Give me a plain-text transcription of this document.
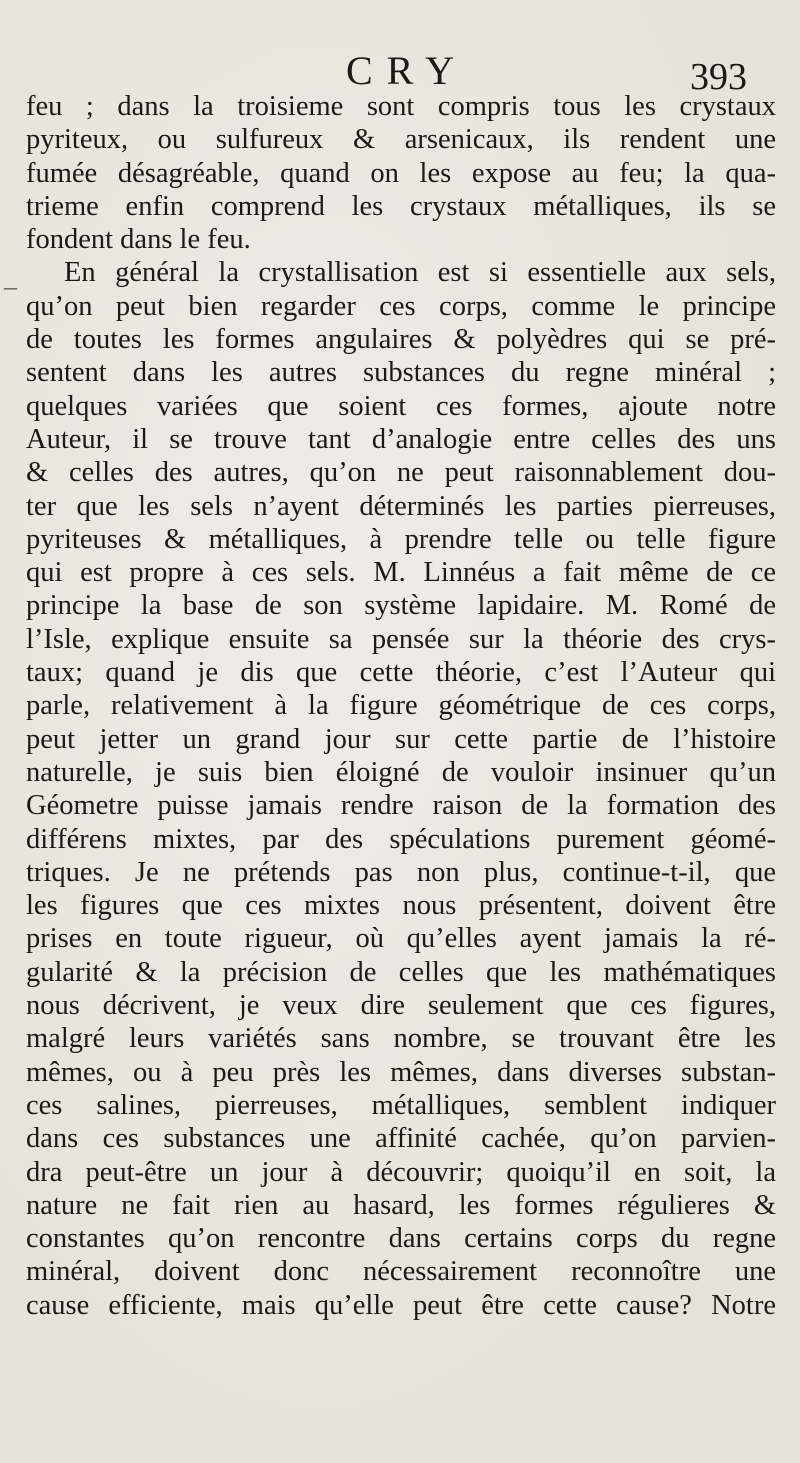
CRY	393
–
feu ; dans la troisieme sont compris tous les crystaux
pyriteux, ou sulfureux & arsenicaux, ils rendent une
fumée désagréable, quand on les expose au feu; la qua-
trieme enfin comprend les crystaux métalliques, ils se
fondent dans le feu.
En général la crystallisation est si essentielle aux sels,
qu’on peut bien regarder ces corps, comme le principe
de toutes les formes angulaires & polyèdres qui se pré-
sentent dans les autres substances du regne minéral ;
quelques variées que soient ces formes, ajoute notre
Auteur, il se trouve tant d’analogie entre celles des uns
& celles des autres, qu’on ne peut raisonnablement dou-
ter que les sels n’ayent déterminés les parties pierreuses,
pyriteuses & métalliques, à prendre telle ou telle figure
qui est propre à ces sels. M. Linnéus a fait même de ce
principe la base de son système lapidaire. M. Romé de
l’Isle, explique ensuite sa pensée sur la théorie des crys-
taux; quand je dis que cette théorie, c’est l’Auteur qui
parle, relativement à la figure géométrique de ces corps,
peut jetter un grand jour sur cette partie de l’histoire
naturelle, je suis bien éloigné de vouloir insinuer qu’un
Géometre puisse jamais rendre raison de la formation des
différens mixtes, par des spéculations purement géomé-
triques. Je ne prétends pas non plus, continue-t-il, que
les figures que ces mixtes nous présentent, doivent être
prises en toute rigueur, où qu’elles ayent jamais la ré-
gularité & la précision de celles que les mathématiques
nous décrivent, je veux dire seulement que ces figures,
malgré leurs variétés sans nombre, se trouvant être les
mêmes, ou à peu près les mêmes, dans diverses substan-
ces salines, pierreuses, métalliques, semblent indiquer
dans ces substances une affinité cachée, qu’on parvien-
dra peut-être un jour à découvrir; quoiqu’il en soit, la
nature ne fait rien au hasard, les formes régulieres &
constantes qu’on rencontre dans certains corps du regne
minéral, doivent donc nécessairement reconnoître une
cause efficiente, mais qu’elle peut être cette cause? Notre
